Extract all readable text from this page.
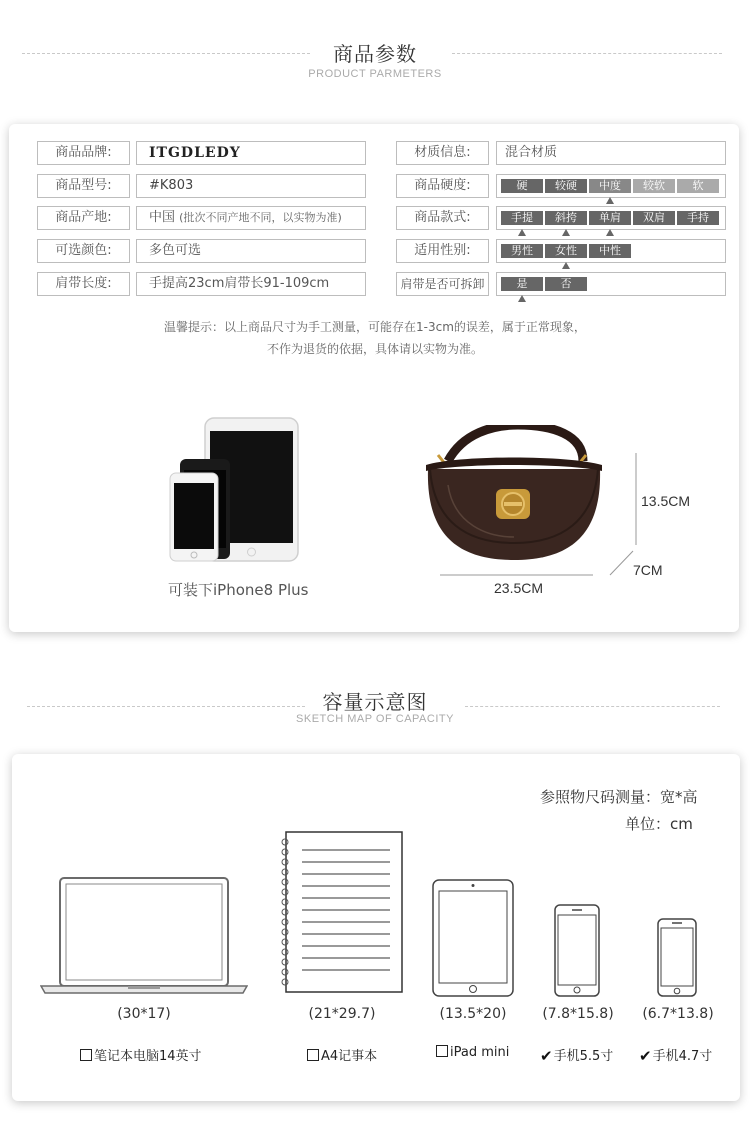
商品参数
PRODUCT PARMETERS
商品品牌:	ITGDLEDY
商品型号:	#K803
商品产地:	中国 (批次不同产地不同，以实物为准)
可选颜色:	多色可选
肩带长度:	手提高23cm肩带长91-109cm
材质信息:	混合材质
商品硬度:	硬	较硬	中度	较软	软
商品款式:	手提	斜挎	单肩	双肩	手持
适用性别:	男性	女性	中性
肩带是否可拆卸	是	否
温馨提示：以上商品尺寸为手工测量，可能存在1-3cm的误差，属于正常现象，
不作为退货的依据，具体请以实物为准。
可装下iPhone8 Plus
13.5CM
23.5CM
7CM
容量示意图
SKETCH MAP OF CAPACITY
参照物尺码测量：宽*高
单位：cm
(30*17)	(21*29.7)	(13.5*20)	(7.8*15.8)	(6.7*13.8)
笔记本电脑14英寸	A4记事本	iPad mini ✔手机5.5寸 ✔手机4.7寸
